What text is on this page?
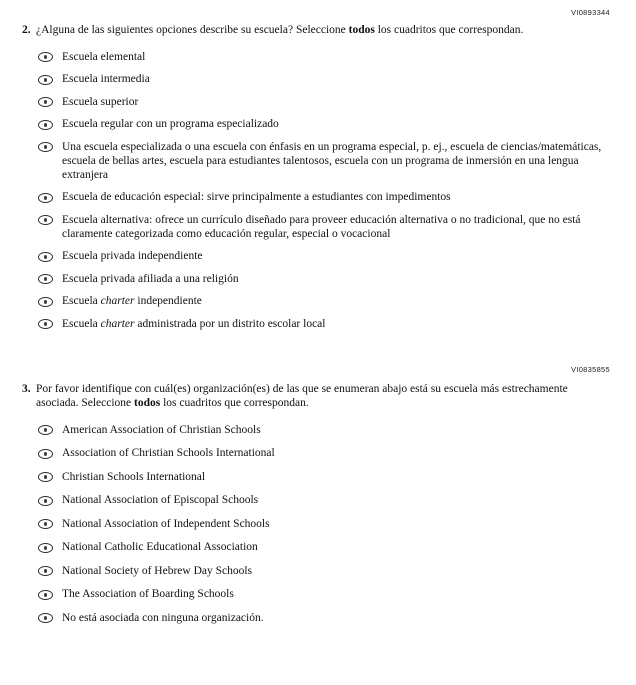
VI0893344
2. ¿Alguna de las siguientes opciones describe su escuela? Seleccione todos los cuadritos que correspondan.
Escuela elemental
Escuela intermedia
Escuela superior
Escuela regular con un programa especializado
Una escuela especializada o una escuela con énfasis en un programa especial, p. ej., escuela de ciencias/matemáticas, escuela de bellas artes, escuela para estudiantes talentosos, escuela con un programa de inmersión en una lengua extranjera
Escuela de educación especial: sirve principalmente a estudiantes con impedimentos
Escuela alternativa: ofrece un currículo diseñado para proveer educación alternativa o no tradicional, que no está claramente categorizada como educación regular, especial o vocacional
Escuela privada independiente
Escuela privada afiliada a una religión
Escuela charter independiente
Escuela charter administrada por un distrito escolar local
VI0835855
3. Por favor identifique con cuál(es) organización(es) de las que se enumeran abajo está su escuela más estrechamente asociada. Seleccione todos los cuadritos que correspondan.
American Association of Christian Schools
Association of Christian Schools International
Christian Schools International
National Association of Episcopal Schools
National Association of Independent Schools
National Catholic Educational Association
National Society of Hebrew Day Schools
The Association of Boarding Schools
No está asociada con ninguna organización.
